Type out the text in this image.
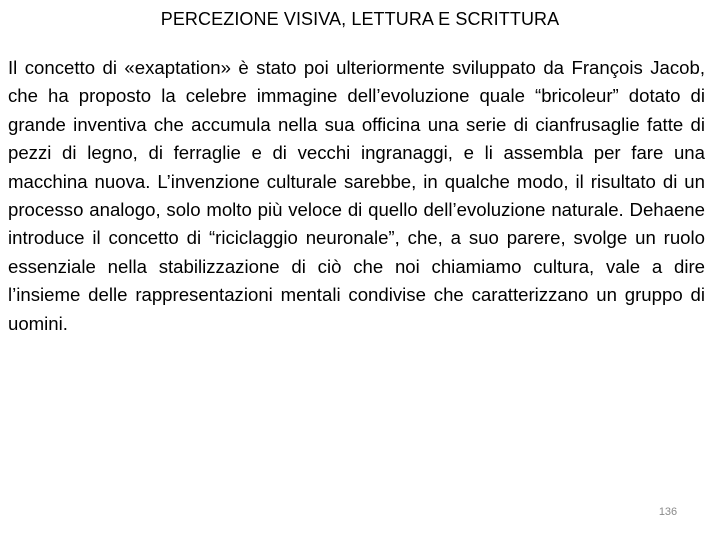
PERCEZIONE VISIVA, LETTURA E SCRITTURA

Il concetto di «exaptation» è stato poi ulteriormente sviluppato da François Jacob, che ha proposto la celebre immagine dell’evoluzione quale “bricoleur” dotato di grande inventiva che accumula nella sua officina una serie di cianfrusaglie fatte di pezzi di legno, di ferraglie e di vecchi ingranaggi, e li assembla per fare una macchina nuova. L’invenzione culturale sarebbe, in qualche modo, il risultato di un processo analogo, solo molto più veloce di quello dell’evoluzione naturale. Dehaene introduce il concetto di “riciclaggio neuronale”, che, a suo parere, svolge un ruolo essenziale nella stabilizzazione di ciò che noi chiamiamo cultura, vale a dire l’insieme delle rappresentazioni mentali condivise che caratterizzano un gruppo di uomini.

136
